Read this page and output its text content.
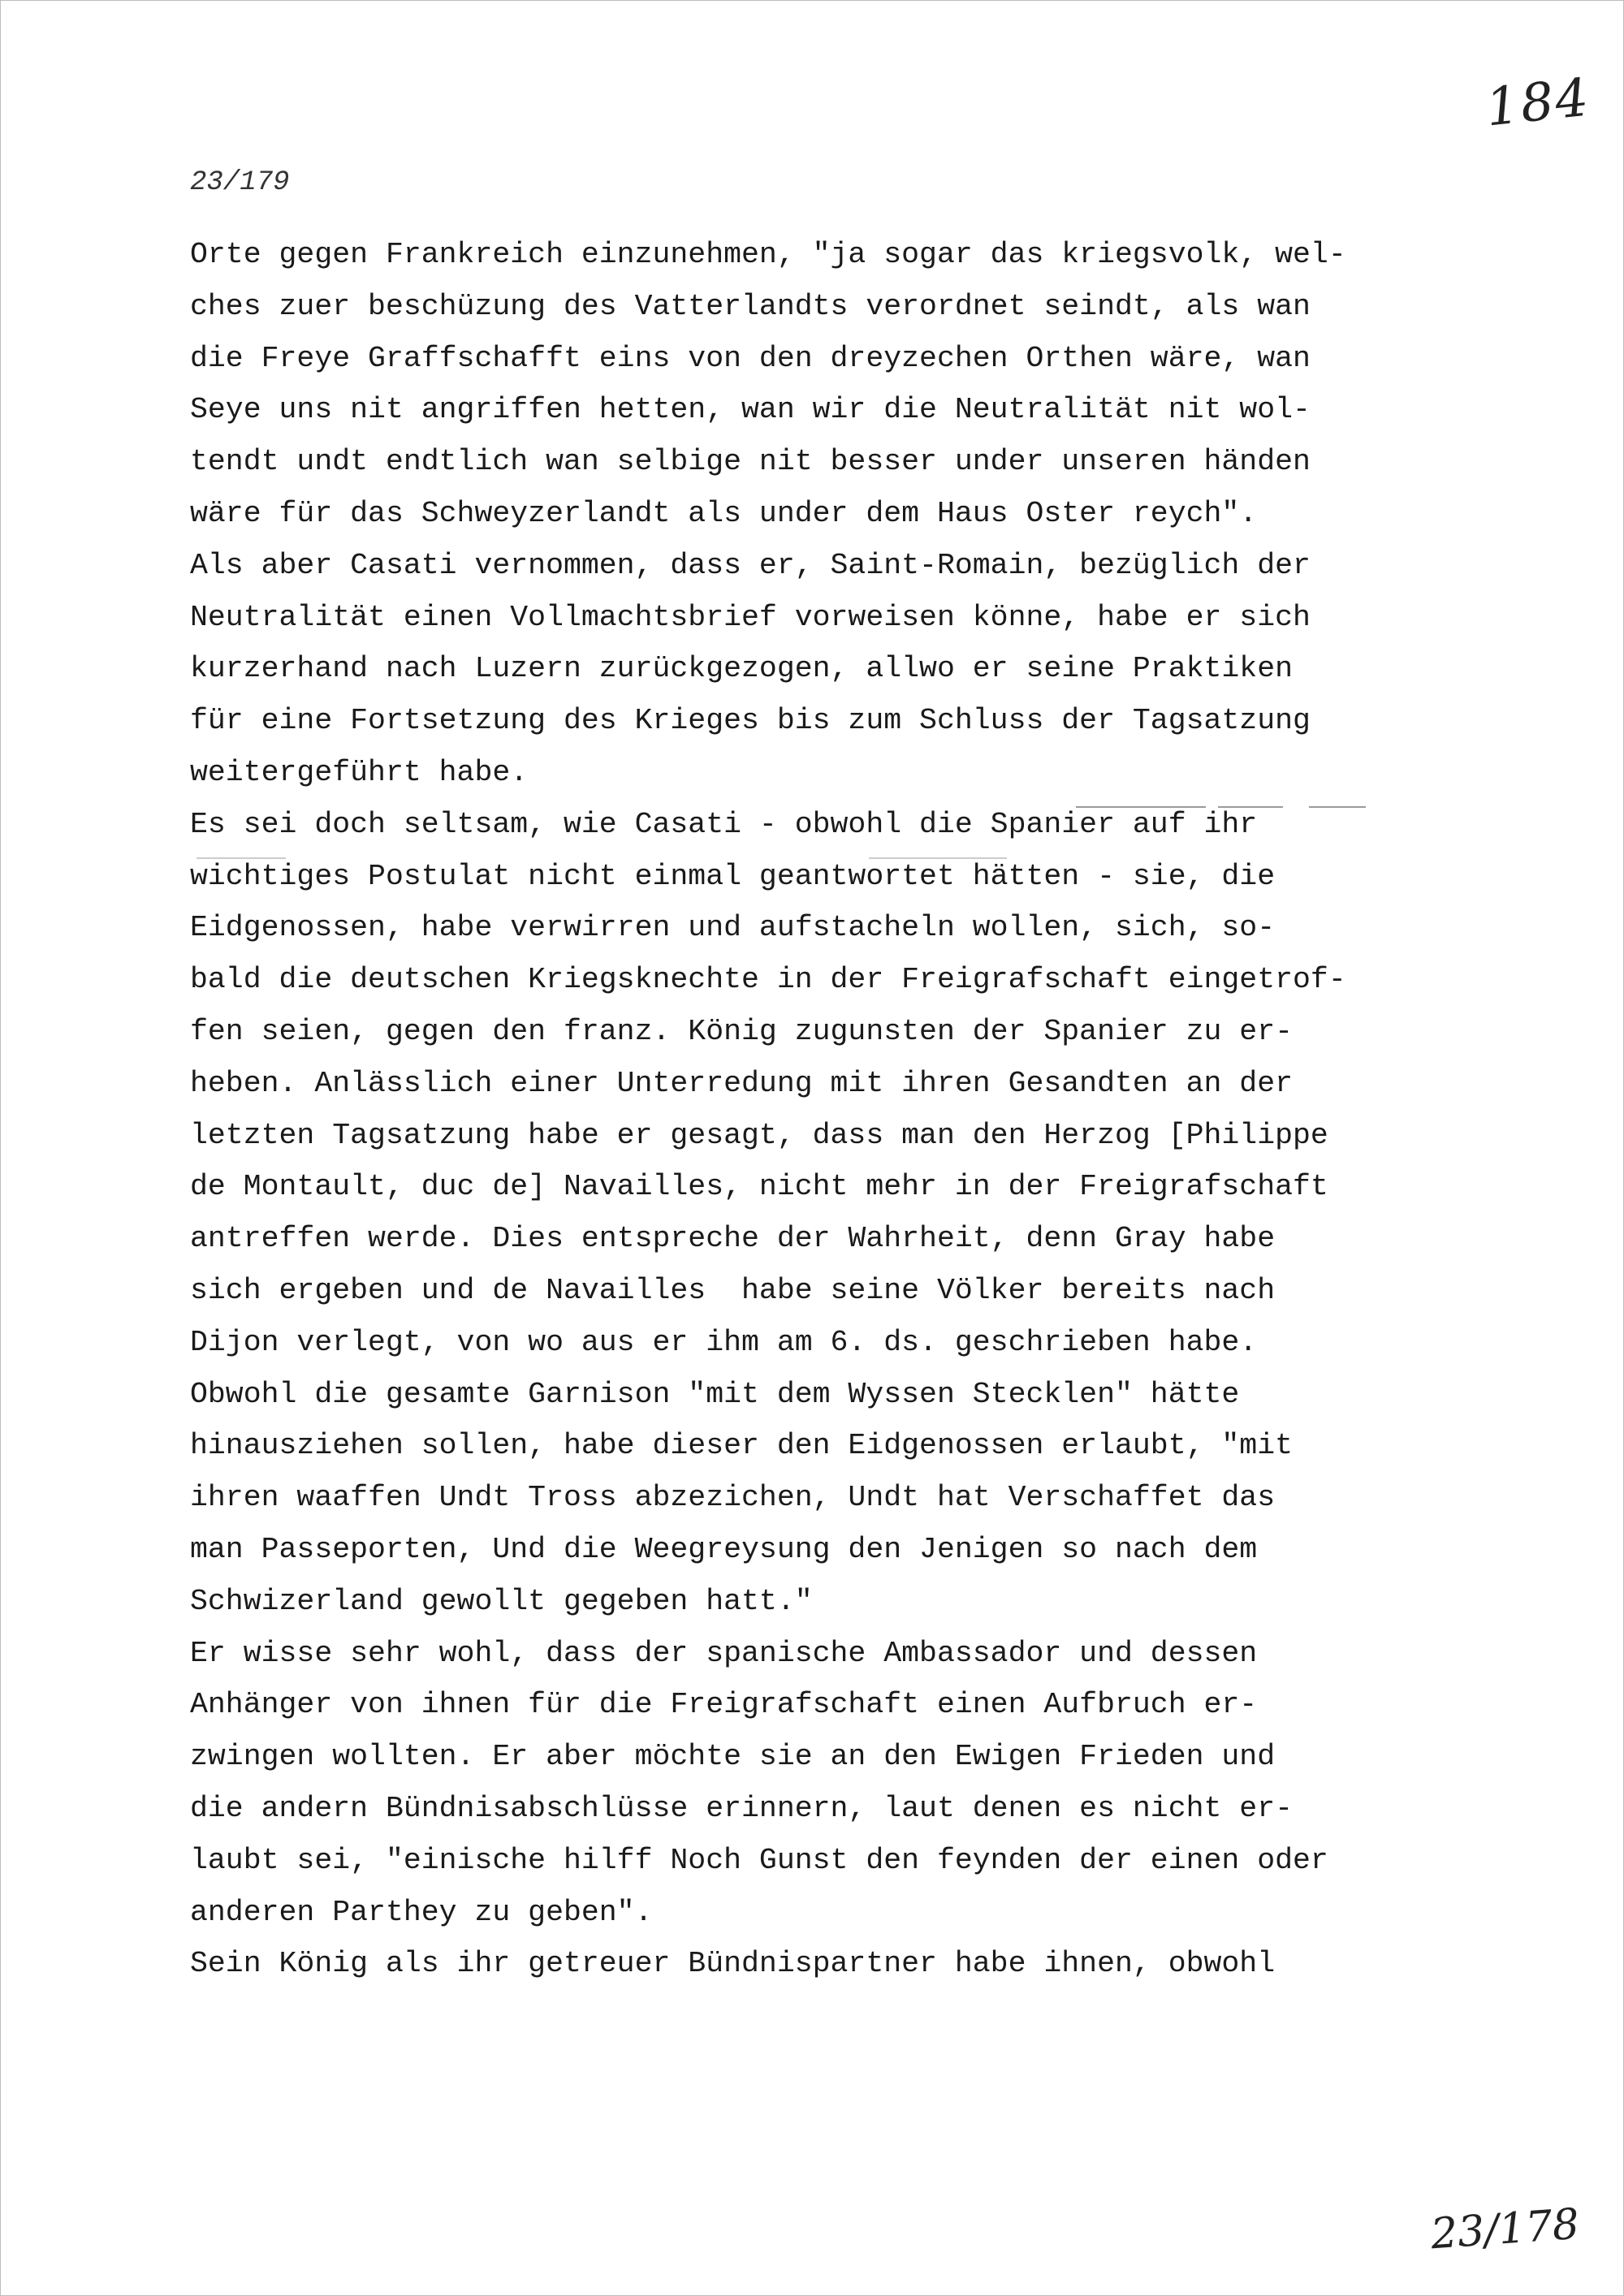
184
23/179
Orte gegen Frankreich einzunehmen, "ja sogar das kriegsvolk, wel-
ches zuer beschüzung des Vatterlandts verordnet seindt, als wan
die Freye Graffschafft eins von den dreyzechen Orthen wäre, wan
Seye uns nit angriffen hetten, wan wir die Neutralität nit wol-
tendt undt endtlich wan selbige nit besser under unseren händen
wäre für das Schweyzerlandt als under dem Haus Oster reych".
Als aber Casati vernommen, dass er, Saint-Romain, bezüglich der
Neutralität einen Vollmachtsbrief vorweisen könne, habe er sich
kurzerhand nach Luzern zurückgezogen, allwo er seine Praktiken
für eine Fortsetzung des Krieges bis zum Schluss der Tagsatzung
weitergeführt habe.
Es sei doch seltsam, wie Casati - obwohl die Spanier auf ihr
wichtiges Postulat nicht einmal geantwortet hätten - sie, die
Eidgenossen, habe verwirren und aufstacheln wollen, sich, so-
bald die deutschen Kriegsknechte in der Freigrafschaft eingetrof-
fen seien, gegen den franz. König zugunsten der Spanier zu er-
heben. Anlässlich einer Unterredung mit ihren Gesandten an der
letzten Tagsatzung habe er gesagt, dass man den Herzog [Philippe
de Montault, duc de] Navailles, nicht mehr in der Freigrafschaft
antreffen werde. Dies entspreche der Wahrheit, denn Gray habe
sich ergeben und de Navailles  habe seine Völker bereits nach
Dijon verlegt, von wo aus er ihm am 6. ds. geschrieben habe.
Obwohl die gesamte Garnison "mit dem Wyssen Stecklen" hätte
hinausziehen sollen, habe dieser den Eidgenossen erlaubt, "mit
ihren waaffen Undt Tross abzezichen, Undt hat Verschaffet das
man Passeporten, Und die Weegreysung den Jenigen so nach dem
Schwizerland gewollt gegeben hatt."
Er wisse sehr wohl, dass der spanische Ambassador und dessen
Anhänger von ihnen für die Freigrafschaft einen Aufbruch er-
zwingen wollten. Er aber möchte sie an den Ewigen Frieden und
die andern Bündnisabschlüsse erinnern, laut denen es nicht er-
laubt sei, "einische hilff Noch Gunst den feynden der einen oder
anderen Parthey zu geben".
Sein König als ihr getreuer Bündnispartner habe ihnen, obwohl
23/178
